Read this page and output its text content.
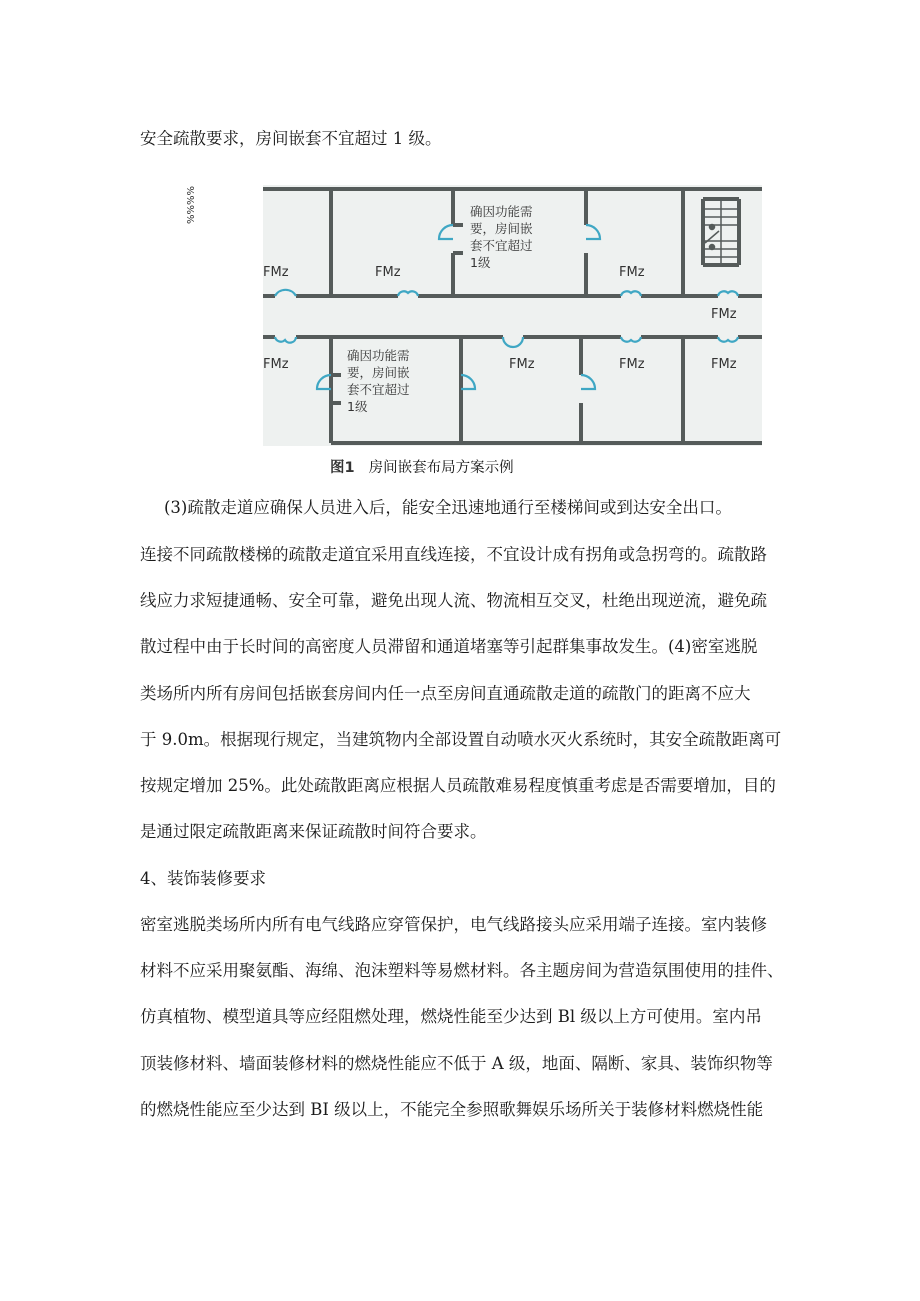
%%%%
安全疏散要求，房间嵌套不宜超过 1 级。
FMz	FMz	FMz
FMz
FMz	FMz	FMz	FMz
确因功能需
要，房间嵌
套不宜超过
1级
确因功能需
要，房间嵌
套不宜超过
1级
图1 房间嵌套布局方案示例
(3)疏散走道应确保人员进入后，能安全迅速地通行至楼梯间或到达安全出口。
连接不同疏散楼梯的疏散走道宜采用直线连接，不宜设计成有拐角或急拐弯的。疏散路
线应力求短捷通畅、安全可靠，避免出现人流、物流相互交叉，杜绝出现逆流，避免疏
散过程中由于长时间的高密度人员滞留和通道堵塞等引起群集事故发生。(4)密室逃脱
类场所内所有房间包括嵌套房间内任一点至房间直通疏散走道的疏散门的距离不应大
于 9.0m。根据现行规定，当建筑物内全部设置自动喷水灭火系统时，其安全疏散距离可
按规定增加 25%。此处疏散距离应根据人员疏散难易程度慎重考虑是否需要增加，目的
是通过限定疏散距离来保证疏散时间符合要求。
4、装饰装修要求
密室逃脱类场所内所有电气线路应穿管保护，电气线路接头应采用端子连接。室内装修
材料不应采用聚氨酯、海绵、泡沫塑料等易燃材料。各主题房间为营造氛围使用的挂件、
仿真植物、模型道具等应经阻燃处理，燃烧性能至少达到 Bl 级以上方可使用。室内吊
顶装修材料、墙面装修材料的燃烧性能应不低于 A 级，地面、隔断、家具、装饰织物等
的燃烧性能应至少达到 BI 级以上，不能完全参照歌舞娱乐场所关于装修材料燃烧性能
